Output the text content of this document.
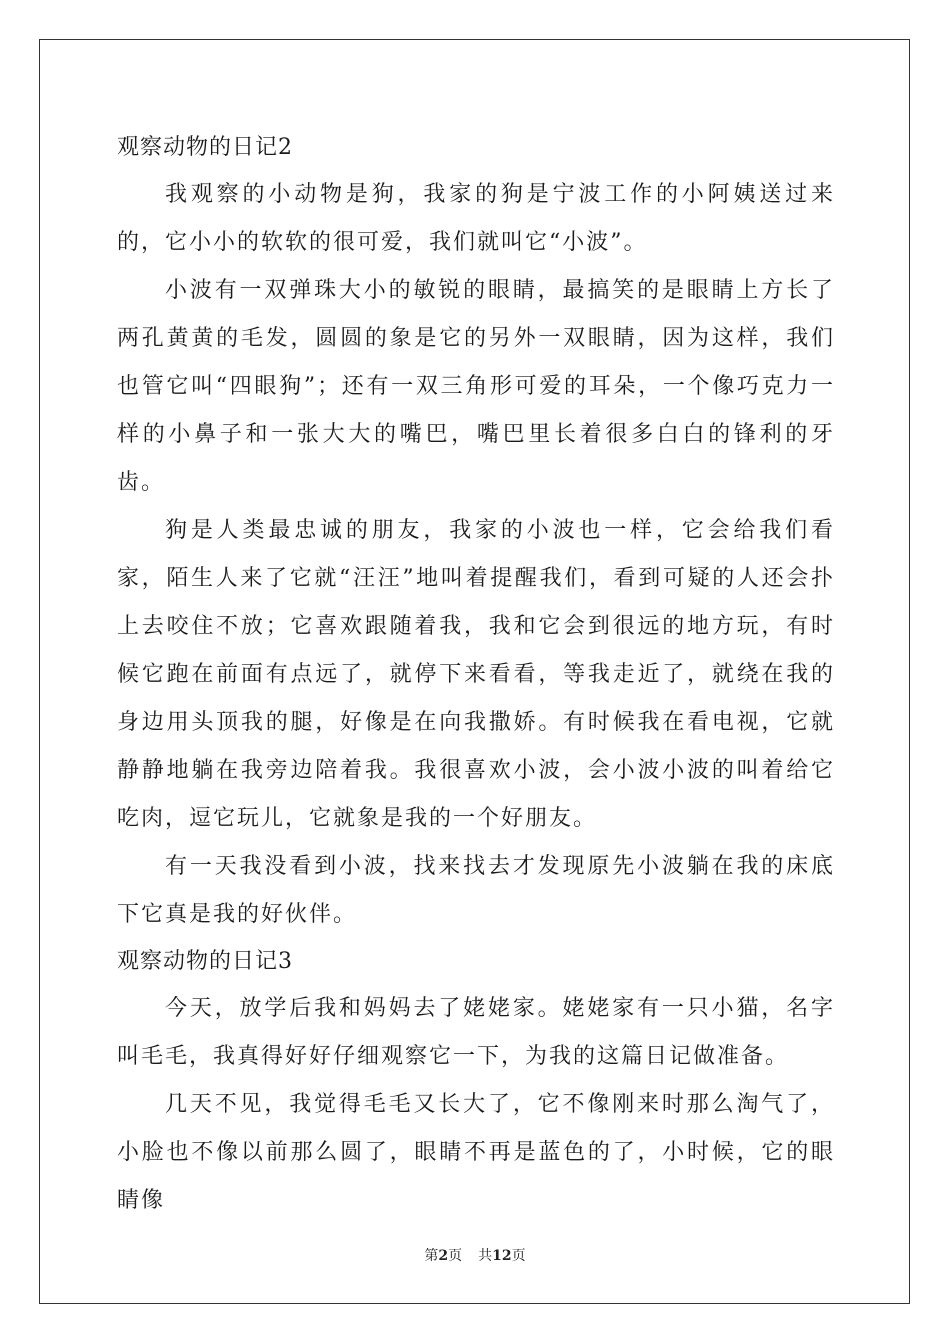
观察动物的日记2

我观察的小动物是狗，我家的狗是宁波工作的小阿姨送过来的，它小小的软软的很可爱，我们就叫它“小波”。

小波有一双弹珠大小的敏锐的眼睛，最搞笑的是眼睛上方长了两孔黄黄的毛发，圆圆的象是它的另外一双眼睛，因为这样，我们也管它叫“四眼狗”；还有一双三角形可爱的耳朵，一个像巧克力一样的小鼻子和一张大大的嘴巴，嘴巴里长着很多白白的锋利的牙齿。

狗是人类最忠诚的朋友，我家的小波也一样，它会给我们看家，陌生人来了它就“汪汪”地叫着提醒我们，看到可疑的人还会扑上去咬住不放；它喜欢跟随着我，我和它会到很远的地方玩，有时候它跑在前面有点远了，就停下来看看，等我走近了，就绕在我的身边用头顶我的腿，好像是在向我撒娇。有时候我在看电视，它就静静地躺在我旁边陪着我。我很喜欢小波，会小波小波的叫着给它吃肉，逗它玩儿，它就象是我的一个好朋友。

有一天我没看到小波，找来找去才发现原先小波躺在我的床底下它真是我的好伙伴。

观察动物的日记3

今天，放学后我和妈妈去了姥姥家。姥姥家有一只小猫，名字叫毛毛，我真得好好仔细观察它一下，为我的这篇日记做准备。

几天不见，我觉得毛毛又长大了，它不像刚来时那么淘气了，小脸也不像以前那么圆了，眼睛不再是蓝色的了，小时候，它的眼睛像

第2页 共12页
